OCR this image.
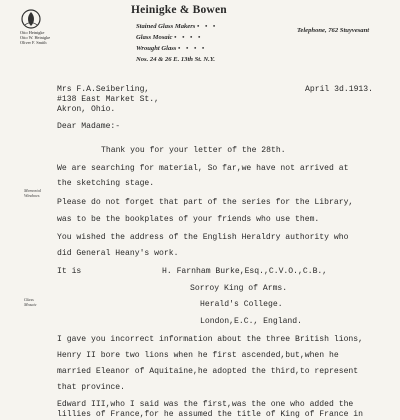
Otto Heinigke
Otto W. Heinigke
Oliver F. Smith
Heinigke & Bowen
Stained Glass Makers • • •
Glass Mosaic • • • •
Wrought Glass • • • •
Nos. 24 & 26 E. 13th St. N.Y.
Telephone, 762 Stuyvesant
Mrs F.A.Seiberling,
#138 East Market St.,
Akron, Ohio.
April 3d.1913.
Dear Madame:-
Memorial
Windows
Glass
Mosaic
Thank you for your letter of the 28th.
We are searching for material, So far,we have not arrived at
the sketching stage.
Please do not forget that part of the series for the Library,
was to be the bookplates of your friends who use them.
You wished the address of the English Heraldry authority who
did General Heany's work.
It is	H. Farnham Burke,Esq.,C.V.O.,C.B.,
Sorroy King of Arms.
Herald's College.
London,E.C., England.
I gave you incorrect information about the three British lions,
Henry II bore two lions when he first ascended,but,when he
married Eleanor of Aquitaine,he adopted the third,to represent
that province.
Edward III,who I said was the first,was the one who added the
lillies of France,for he assumed the title of King of France in
